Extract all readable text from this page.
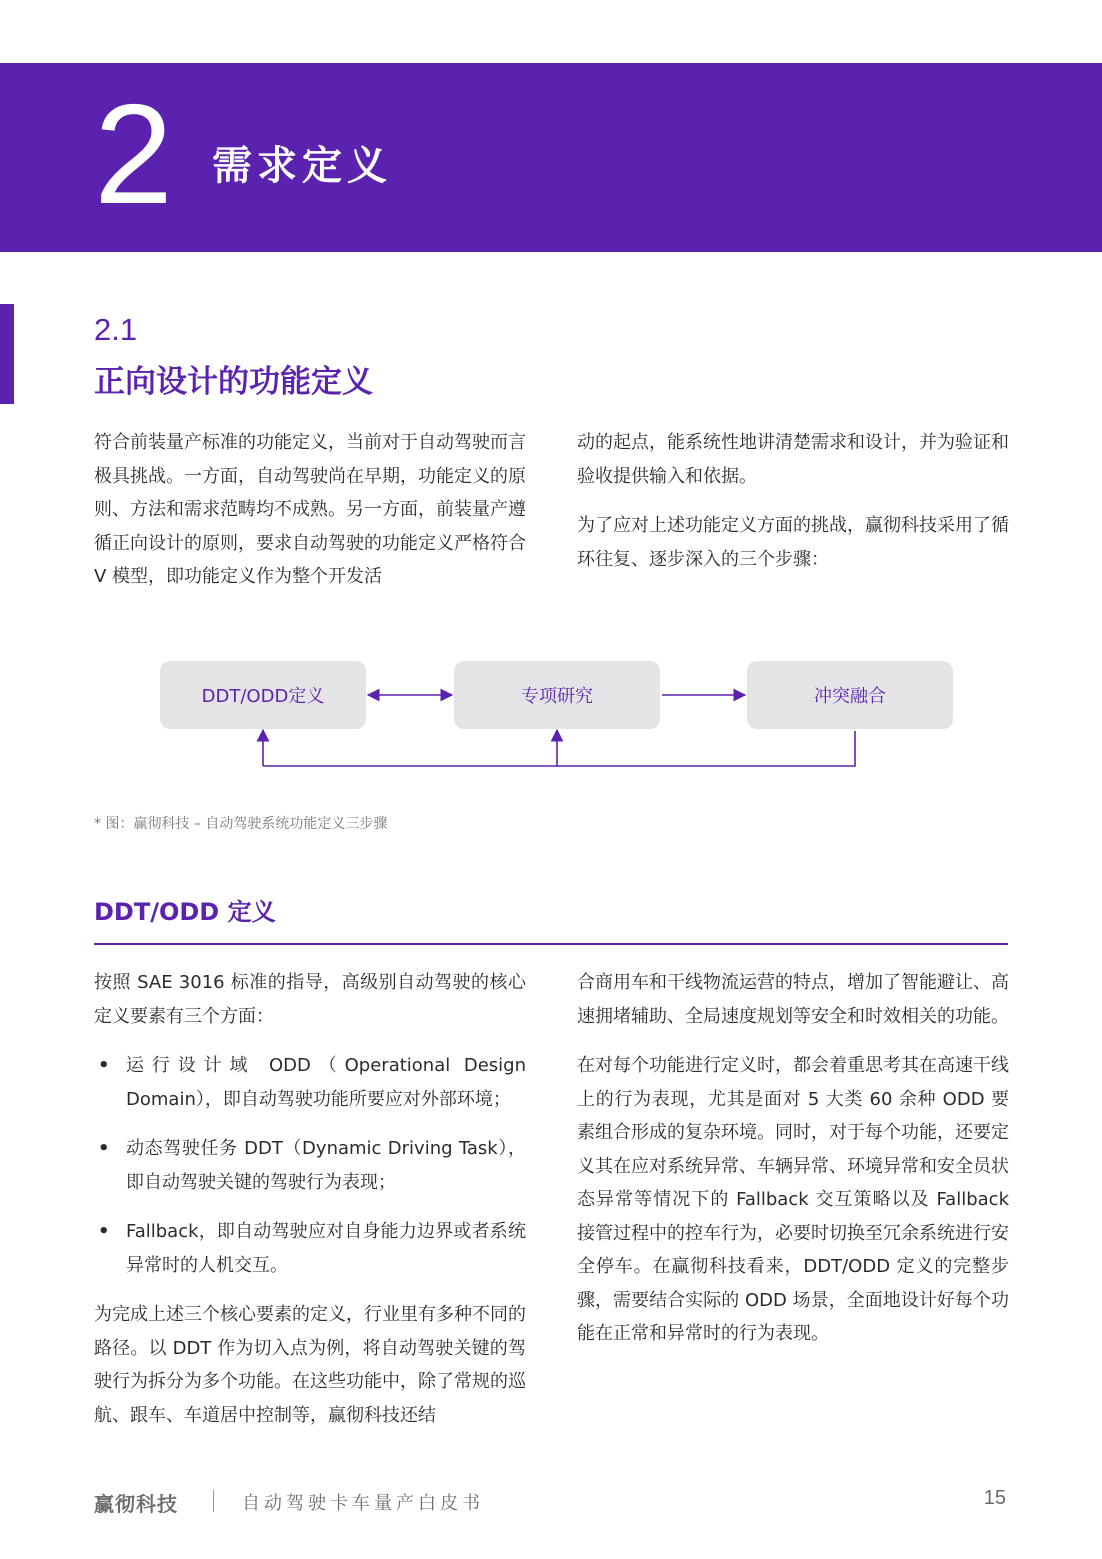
2 需求定义
2.1
正向设计的功能定义

符合前装量产标准的功能定义，当前对于自动驾驶而言极具挑战。一方面，自动驾驶尚在早期，功能定义的原则、方法和需求范畴均不成熟。另一方面，前装量产遵循正向设计的原则，要求自动驾驶的功能定义严格符合 V 模型，即功能定义作为整个开发活

动的起点，能系统性地讲清楚需求和设计，并为验证和验收提供输入和依据。

为了应对上述功能定义方面的挑战，赢彻科技采用了循环往复、逐步深入的三个步骤：

DDT/ODD定义	专项研究	冲突融合
* 图：赢彻科技 – 自动驾驶系统功能定义三步骤
DDT/ODD 定义

按照 SAE 3016 标准的指导，高级别自动驾驶的核心定义要素有三个方面：

• 运行设计域 ODD（Operational Design Domain），即自动驾驶功能所要应对外部环境；
• 动态驾驶任务 DDT（Dynamic Driving Task），即自动驾驶关键的驾驶行为表现；
• Fallback，即自动驾驶应对自身能力边界或者系统异常时的人机交互。

为完成上述三个核心要素的定义，行业里有多种不同的路径。以 DDT 作为切入点为例，将自动驾驶关键的驾驶行为拆分为多个功能。在这些功能中，除了常规的巡航、跟车、车道居中控制等，赢彻科技还结

合商用车和干线物流运营的特点，增加了智能避让、高速拥堵辅助、全局速度规划等安全和时效相关的功能。

在对每个功能进行定义时，都会着重思考其在高速干线上的行为表现，尤其是面对 5 大类 60 余种 ODD 要素组合形成的复杂环境。同时，对于每个功能，还要定义其在应对系统异常、车辆异常、环境异常和安全员状态异常等情况下的 Fallback 交互策略以及 Fallback 接管过程中的控车行为，必要时切换至冗余系统进行安全停车。在赢彻科技看来，DDT/ODD 定义的完整步骤，需要结合实际的 ODD 场景，全面地设计好每个功能在正常和异常时的行为表现。

赢彻科技	自动驾驶卡车量产白皮书	15
